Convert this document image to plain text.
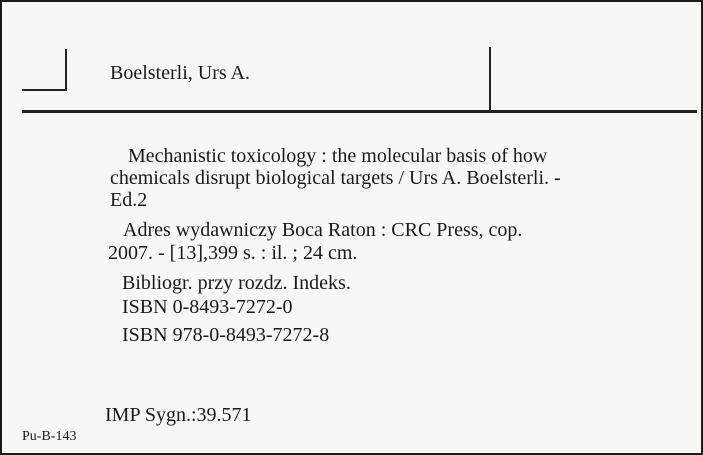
Boelsterli, Urs A.
Mechanistic toxicology : the molecular basis of how
chemicals disrupt biological targets / Urs A. Boelsterli. -
Ed.2
Adres wydawniczy Boca Raton : CRC Press, cop.
2007. - [13],399 s. : il. ; 24 cm.
Bibliogr. przy rozdz. Indeks.
ISBN 0-8493-7272-0
ISBN 978-0-8493-7272-8
IMP Sygn.:39.571
Pu-B-143
